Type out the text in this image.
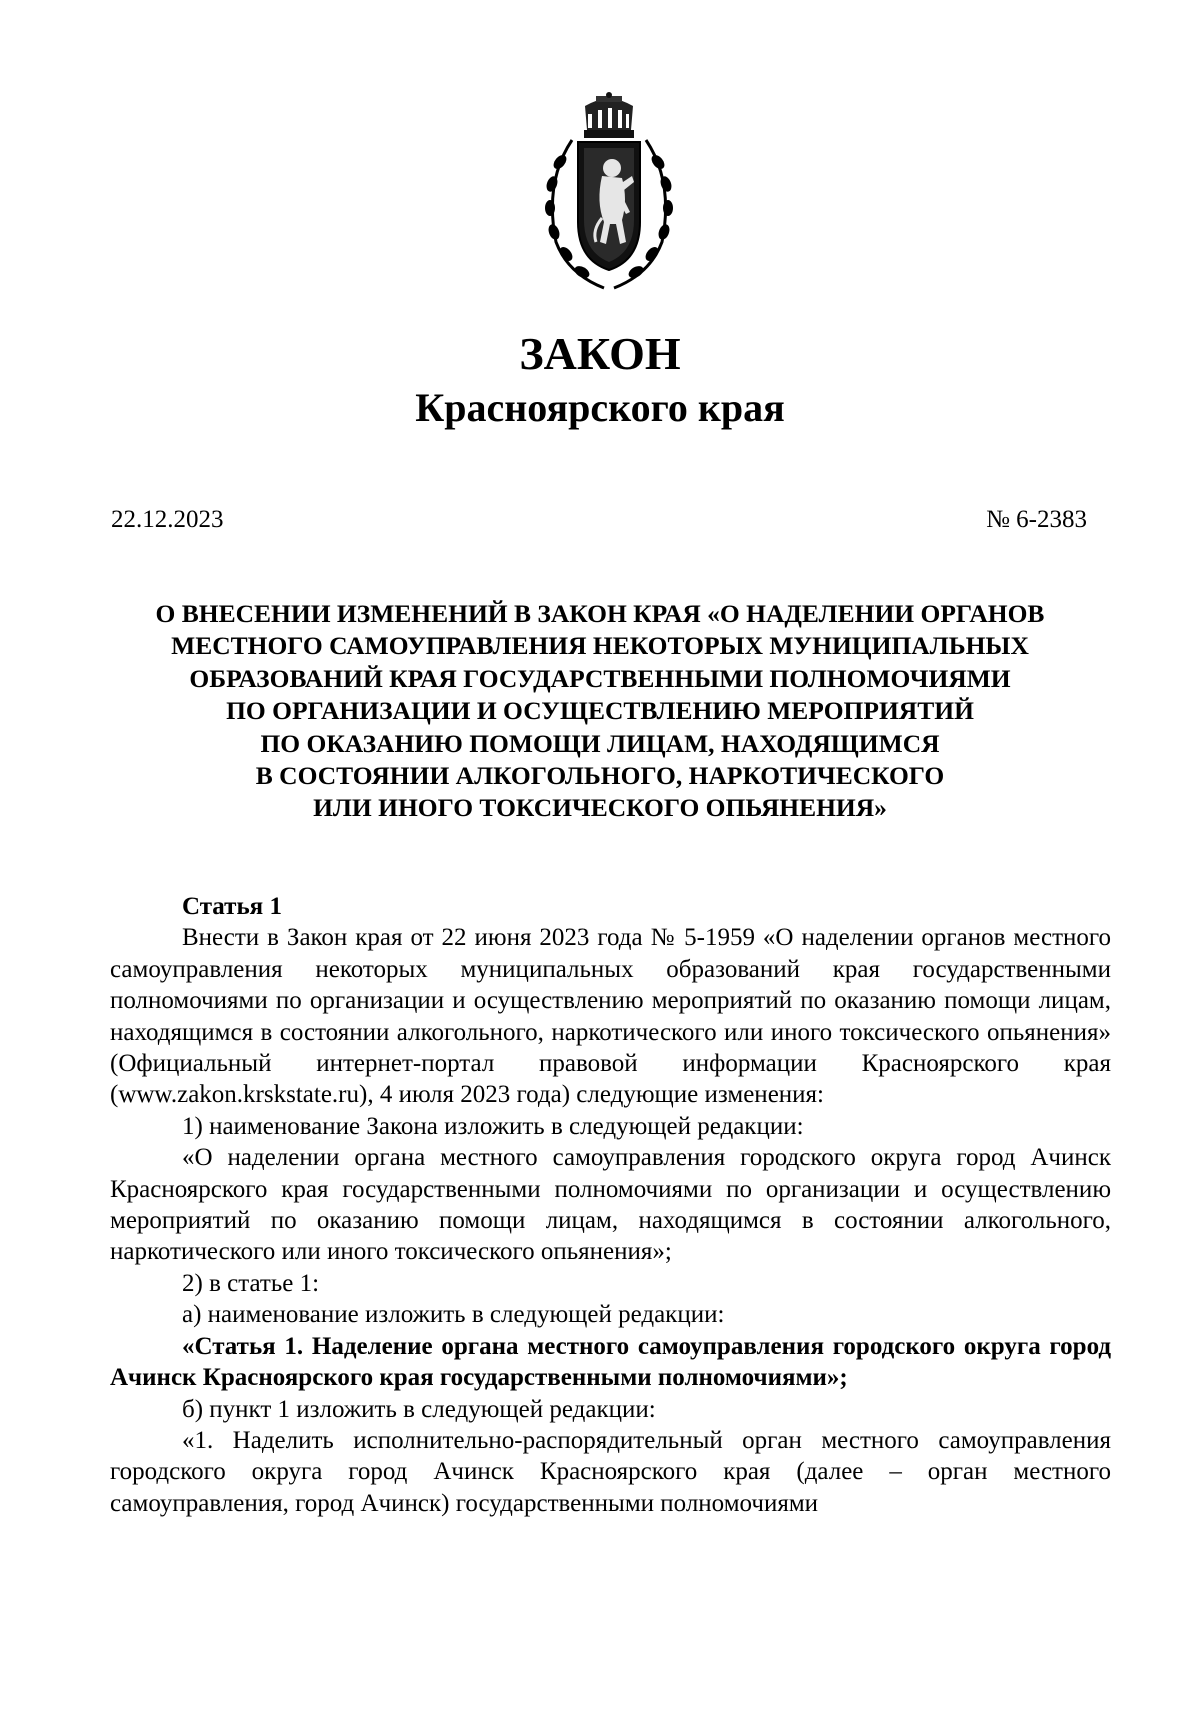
ЗАКОН
Красноярского края
22.12.2023	№ 6-2383
О ВНЕСЕНИИ ИЗМЕНЕНИЙ В ЗАКОН КРАЯ «О НАДЕЛЕНИИ ОРГАНОВ
МЕСТНОГО САМОУПРАВЛЕНИЯ НЕКОТОРЫХ МУНИЦИПАЛЬНЫХ
ОБРАЗОВАНИЙ КРАЯ ГОСУДАРСТВЕННЫМИ ПОЛНОМОЧИЯМИ
ПО ОРГАНИЗАЦИИ И ОСУЩЕСТВЛЕНИЮ МЕРОПРИЯТИЙ
ПО ОКАЗАНИЮ ПОМОЩИ ЛИЦАМ, НАХОДЯЩИМСЯ
В СОСТОЯНИИ АЛКОГОЛЬНОГО, НАРКОТИЧЕСКОГО
ИЛИ ИНОГО ТОКСИЧЕСКОГО ОПЬЯНЕНИЯ»
Статья 1

Внести в Закон края от 22 июня 2023 года № 5-1959 «О наделении органов местного самоуправления некоторых муниципальных образований края государственными полномочиями по организации и осуществлению мероприятий по оказанию помощи лицам, находящимся в состоянии алкогольного, наркотического или иного токсического опьянения» (Официальный интернет-портал правовой информации Красноярского края (www.zakon.krskstate.ru), 4 июля 2023 года) следующие изменения:

1) наименование Закона изложить в следующей редакции:

«О наделении органа местного самоуправления городского округа город Ачинск Красноярского края государственными полномочиями по организации и осуществлению мероприятий по оказанию помощи лицам, находящимся в состоянии алкогольного, наркотического или иного токсического опьянения»;

2) в статье 1:

а) наименование изложить в следующей редакции:

«Статья 1. Наделение органа местного самоуправления городского округа город Ачинск Красноярского края государственными полномочиями»;

б) пункт 1 изложить в следующей редакции:

«1. Наделить исполнительно-распорядительный орган местного самоуправления городского округа город Ачинск Красноярского края (далее – орган местного самоуправления, город Ачинск) государственными полномочиями
